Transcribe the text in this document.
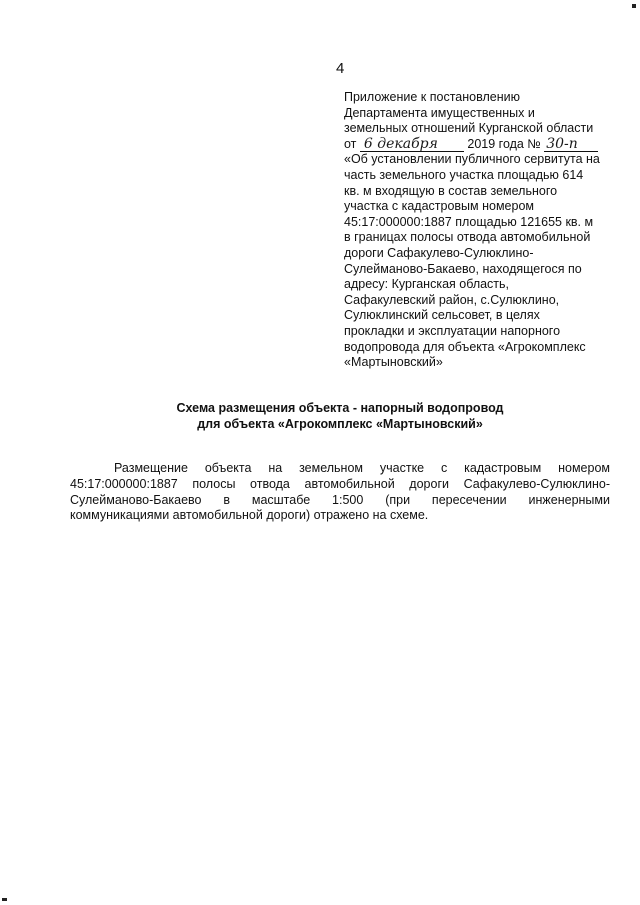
4
Приложение к постановлению
Департамента имущественных и
земельных отношений Курганской области
от 6 декабря 2019 года № 30-п
«Об установлении публичного сервитута на
часть земельного участка площадью 614
кв. м входящую в состав земельного
участка с кадастровым номером
45:17:000000:1887 площадью 121655 кв. м
в границах полосы отвода автомобильной
дороги Сафакулево-Сулюклино-
Сулейманово-Бакаево, находящегося по
адресу: Курганская область,
Сафакулевский район, с.Сулюклино,
Сулюклинский сельсовет, в целях
прокладки и эксплуатации напорного
водопровода для объекта «Агрокомплекс
«Мартыновский»
Схема размещения объекта - напорный водопровод
для объекта «Агрокомплекс «Мартыновский»
Размещение объекта на земельном участке с кадастровым номером
45:17:000000:1887 полосы отвода автомобильной дороги Сафакулево-Сулюклино-
Сулейманово-Бакаево в масштабе 1:500 (при пересечении инженерными
коммуникациями автомобильной дороги) отражено на схеме.
